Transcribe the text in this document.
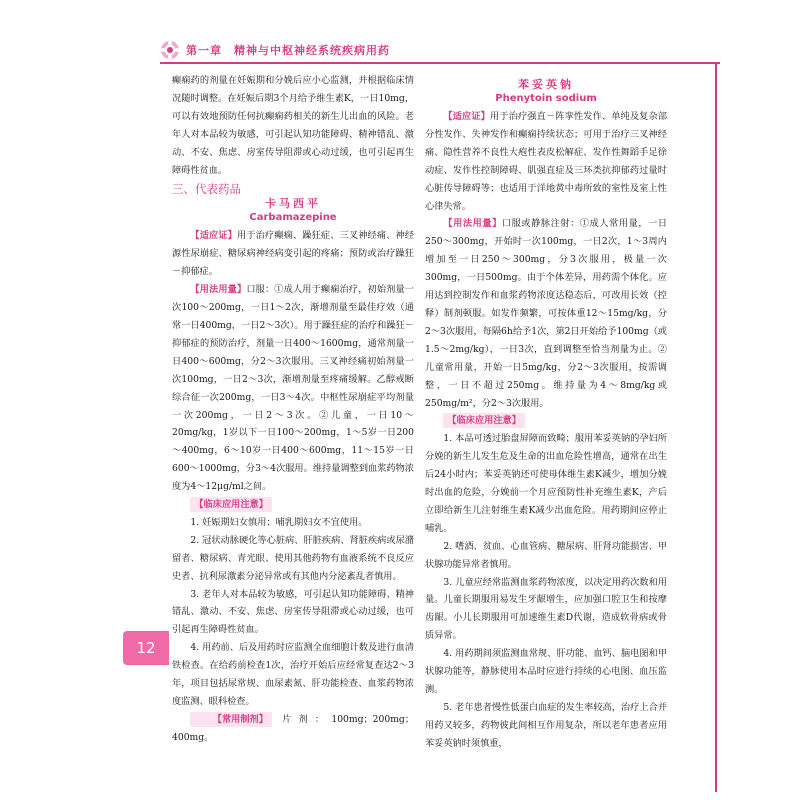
第一章　精神与中枢神经系统疾病用药
12

癫痫药的剂量在妊娠期和分娩后应小心监测，并根据临床情况随时调整。在妊娠后期3个月给予维生素K，一日10mg，可以有效地预防任何抗癫痫药相关的新生儿出血的风险。老年人对本品较为敏感，可引起认知功能障碍、精神错乱、激动、不安、焦虑、房室传导阻滞或心动过缓，也可引起再生障碍性贫血。

三、代表药品
卡马西平
Carbamazepine

【适应证】用于治疗癫痫、躁狂症、三叉神经痛、神经源性尿崩症、糖尿病神经病变引起的疼痛；预防或治疗躁狂－抑郁症。

【用法用量】口服：①成人用于癫痫治疗，初始剂量一次100～200mg，一日1～2次，渐增剂量至最佳疗效（通常一日400mg，一日2～3次）。用于躁狂症的治疗和躁狂－抑郁症的预防治疗，剂量一日400～1600mg，通常剂量一日400～600mg，分2～3次服用。三叉神经痛初始剂量一次100mg，一日2～3次，渐增剂量至疼痛缓解。乙醇戒断综合征一次200mg，一日3～4次。中枢性尿崩症平均剂量一次200mg，一日2～3次。②儿童，一日10～20mg/kg，1岁以下一日100～200mg，1～5岁一日200～400mg，6～10岁一日400～600mg，11～15岁一日600～1000mg，分3～4次服用。维持量调整到血浆药物浓度为4～12μg/ml之间。

【临床应用注意】

1. 妊娠期妇女慎用；哺乳期妇女不宜使用。

2. 冠状动脉硬化等心脏病、肝脏疾病、肾脏疾病或尿潴留者、糖尿病、青光眼、使用其他药物有血液系统不良反应史者、抗利尿激素分泌异常或有其他内分泌紊乱者慎用。

3. 老年人对本品较为敏感，可引起认知功能障碍、精神错乱、激动、不安、焦虑、房室传导阻滞或心动过缓，也可引起再生障碍性贫血。

4. 用药前、后及用药时应监测全血细胞计数及进行血清铁检查。在给药前检查1次，治疗开始后应经常复查达2～3年，项目包括尿常规、血尿素氮、肝功能检查、血浆药物浓度监测、眼科检查。

【常用制剂】 片剂：100mg；200mg；400mg。

苯妥英钠
Phenytoin sodium

【适应证】用于治疗强直－阵挛性发作、单纯及复杂部分性发作、失神发作和癫痫持续状态；可用于治疗三叉神经痛、隐性营养不良性大疱性表皮松解症、发作性舞蹈手足徐动症、发作性控制障碍、肌强直症及三环类抗抑郁药过量时心脏传导障碍等；也适用于洋地黄中毒所致的室性及室上性心律失常。

【用法用量】口服或静脉注射：①成人常用量，一日250～300mg，开始时一次100mg，一日2次，1～3周内增加至一日250～300mg，分3次服用，极量一次300mg，一日500mg。由于个体差异，用药需个体化。应用达到控制发作和血浆药物浓度达稳态后，可改用长效（控释）制剂顿服。如发作频繁，可按体重12～15mg/kg，分2～3次服用，每隔6h给予1次，第2日开始给予100mg（或1.5～2mg/kg），一日3次，直到调整至恰当剂量为止。②儿童常用量，开始一日5mg/kg，分2～3次服用，按需调整，一日不超过250mg。维持量为4～8mg/kg或250mg/m²，分2～3次服用。

【临床应用注意】

1. 本品可透过胎盘屏障而致畸；服用苯妥英钠的孕妇所分娩的新生儿发生危及生命的出血危险性增高，通常在出生后24小时内；苯妥英钠还可使母体维生素K减少，增加分娩时出血的危险，分娩前一个月应预防性补充维生素K，产后立即给新生儿注射维生素K减少出血危险。用药期间应停止哺乳。

2. 嗜酒、贫血、心血管病、糖尿病、肝肾功能损害、甲状腺功能异常者慎用。

3. 儿童应经常监测血浆药物浓度，以决定用药次数和用量。儿童长期服用易发生牙龈增生，应加强口腔卫生和按摩齿龈。小儿长期服用可加速维生素D代谢，造成软骨病或骨质异常。

4. 用药期间须监测血常规、肝功能、血钙、脑电图和甲状腺功能等，静脉使用本品时应进行持续的心电图、血压监测。

5. 老年患者慢性低蛋白血症的发生率较高，治疗上合并用药又较多，药物彼此间相互作用复杂，所以老年患者应用苯妥英钠时须慎重，
